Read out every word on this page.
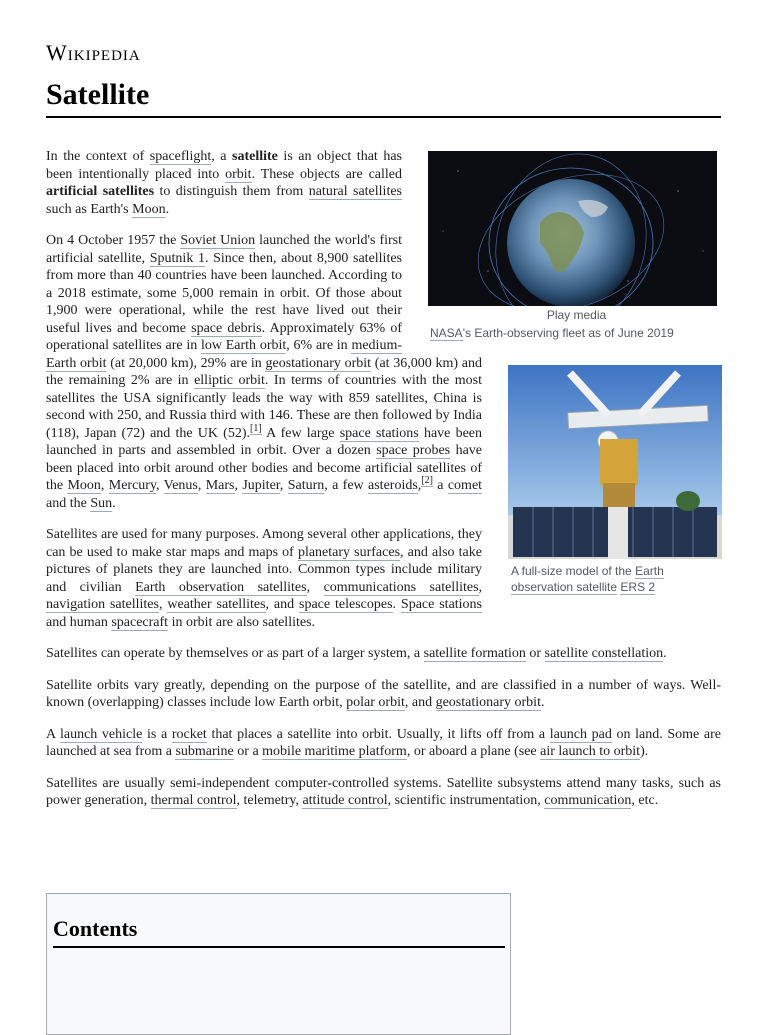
Wikipedia
Satellite
Play media
NASA's Earth-observing fleet as of June 2019

In the context of spaceflight, a satellite is an object that has been intentionally placed into orbit. These objects are called artificial satellites to distinguish them from natural satellites such as Earth's Moon.

A full-size model of the Earth observation satellite ERS 2

On 4 October 1957 the Soviet Union launched the world's first artificial satellite, Sputnik 1. Since then, about 8,900 satellites from more than 40 countries have been launched. According to a 2018 estimate, some 5,000 remain in orbit. Of those about 1,900 were operational, while the rest have lived out their useful lives and become space debris. Approximately 63% of operational satellites are in low Earth orbit, 6% are in medium-Earth orbit (at 20,000 km), 29% are in geostationary orbit (at 36,000 km) and the remaining 2% are in elliptic orbit. In terms of countries with the most satellites the USA significantly leads the way with 859 satellites, China is second with 250, and Russia third with 146. These are then followed by India (118), Japan (72) and the UK (52).[1] A few large space stations have been launched in parts and assembled in orbit. Over a dozen space probes have been placed into orbit around other bodies and become artificial satellites of the Moon, Mercury, Venus, Mars, Jupiter, Saturn, a few asteroids,[2] a comet and the Sun.

Satellites are used for many purposes. Among several other applications, they can be used to make star maps and maps of planetary surfaces, and also take pictures of planets they are launched into. Common types include military and civilian Earth observation satellites, communications satellites, navigation satellites, weather satellites, and space telescopes. Space stations and human spacecraft in orbit are also satellites.

Satellites can operate by themselves or as part of a larger system, a satellite formation or satellite constellation.

Satellite orbits vary greatly, depending on the purpose of the satellite, and are classified in a number of ways. Well-known (overlapping) classes include low Earth orbit, polar orbit, and geostationary orbit.

A launch vehicle is a rocket that places a satellite into orbit. Usually, it lifts off from a launch pad on land. Some are launched at sea from a submarine or a mobile maritime platform, or aboard a plane (see air launch to orbit).

Satellites are usually semi-independent computer-controlled systems. Satellite subsystems attend many tasks, such as power generation, thermal control, telemetry, attitude control, scientific instrumentation, communication, etc.

Contents
